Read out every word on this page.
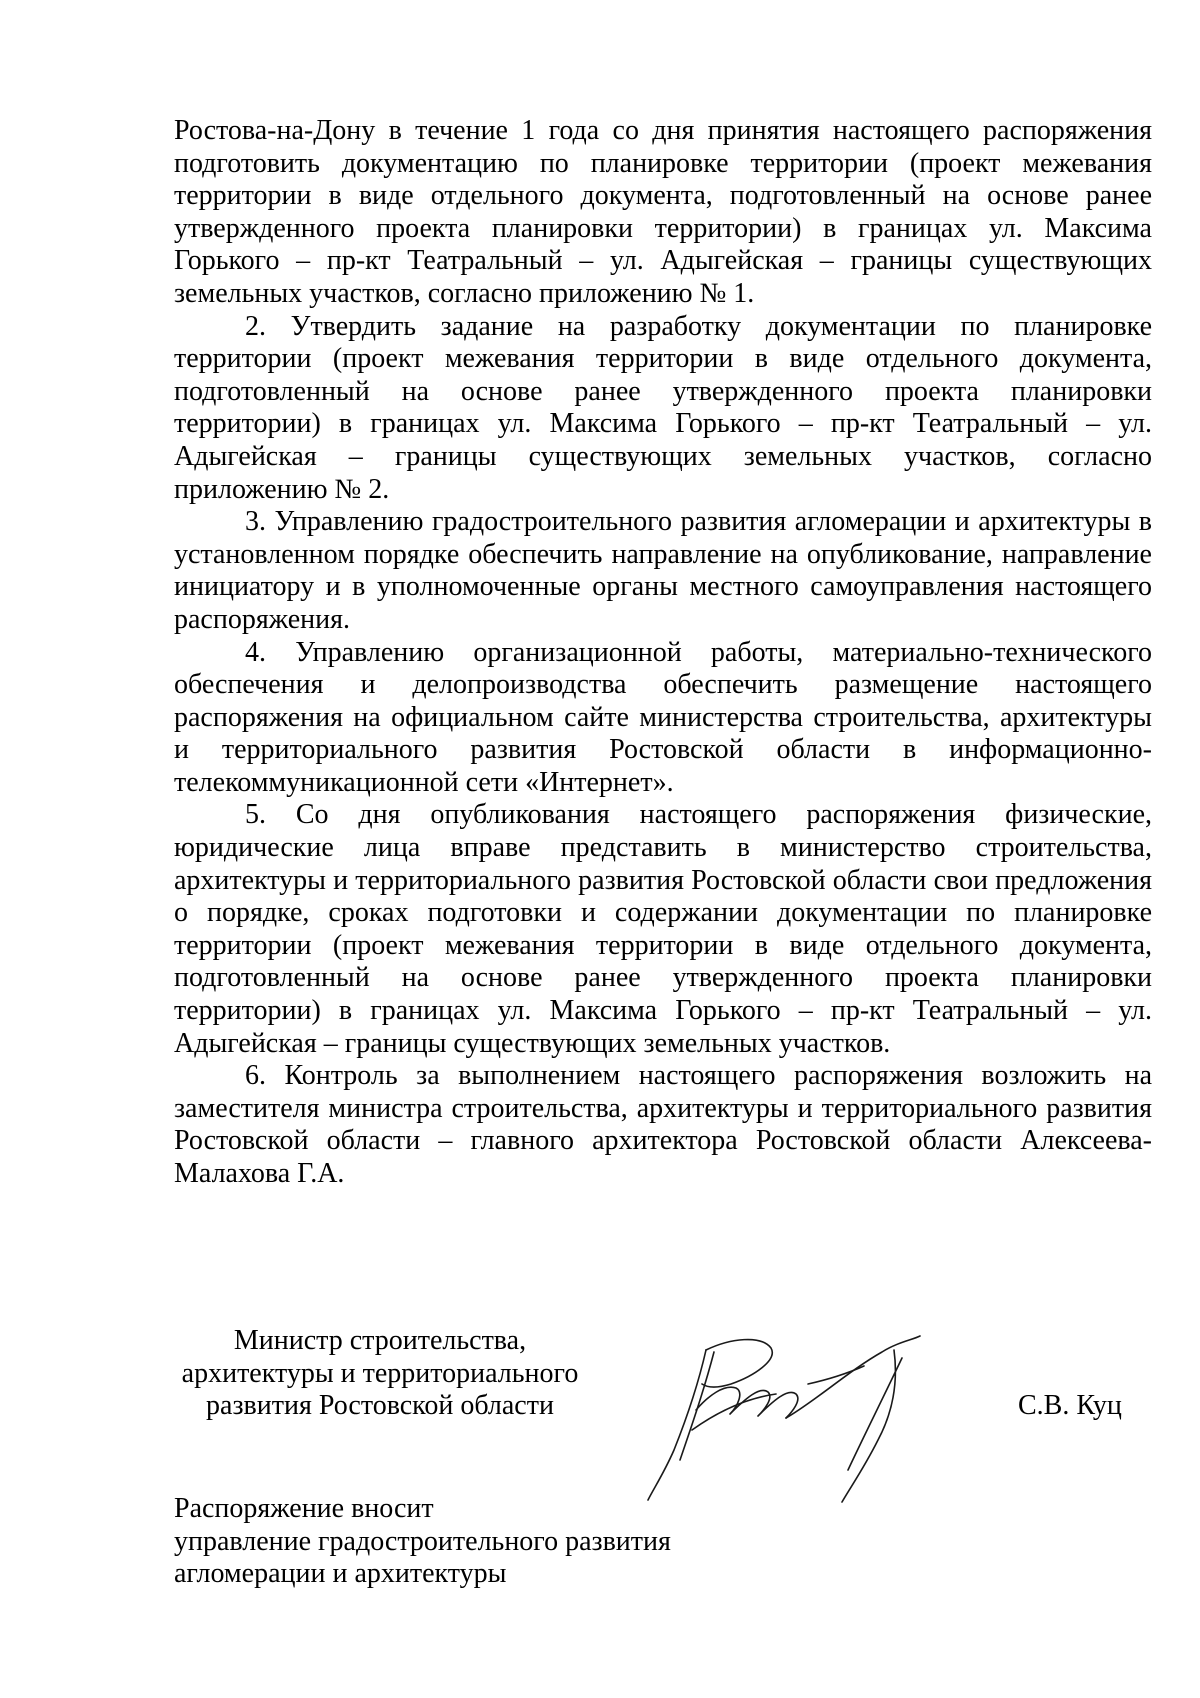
Ростова-на-Дону в течение 1 года со дня принятия настоящего распоряжения подготовить документацию по планировке территории (проект межевания территории в виде отдельного документа, подготовленный на основе ранее утвержденного проекта планировки территории) в границах ул. Максима Горького – пр-кт Театральный – ул. Адыгейская – границы существующих земельных участков, согласно приложению № 1.

2. Утвердить задание на разработку документации по планировке территории (проект межевания территории в виде отдельного документа, подготовленный на основе ранее утвержденного проекта планировки территории) в границах ул. Максима Горького – пр-кт Театральный – ул. Адыгейская – границы существующих земельных участков, согласно приложению № 2.

3. Управлению градостроительного развития агломерации и архитектуры в установленном порядке обеспечить направление на опубликование, направление инициатору и в уполномоченные органы местного самоуправления настоящего распоряжения.

4. Управлению организационной работы, материально-технического обеспечения и делопроизводства обеспечить размещение настоящего распоряжения на официальном сайте министерства строительства, архитектуры и территориального развития Ростовской области в информационно-телекоммуникационной сети «Интернет».

5. Со дня опубликования настоящего распоряжения физические, юридические лица вправе представить в министерство строительства, архитектуры и территориального развития Ростовской области свои предложения о порядке, сроках подготовки и содержании документации по планировке территории (проект межевания территории в виде отдельного документа, подготовленный на основе ранее утвержденного проекта планировки территории) в границах ул. Максима Горького – пр-кт Театральный – ул. Адыгейская – границы существующих земельных участков.

6. Контроль за выполнением настоящего распоряжения возложить на заместителя министра строительства, архитектуры и территориального развития Ростовской области – главного архитектора Ростовской области Алексеева-Малахова Г.А.

Министр строительства,
архитектуры и территориального
развития Ростовской области	С.В. Куц
Распоряжение вносит
управление градостроительного развития
агломерации и архитектуры
